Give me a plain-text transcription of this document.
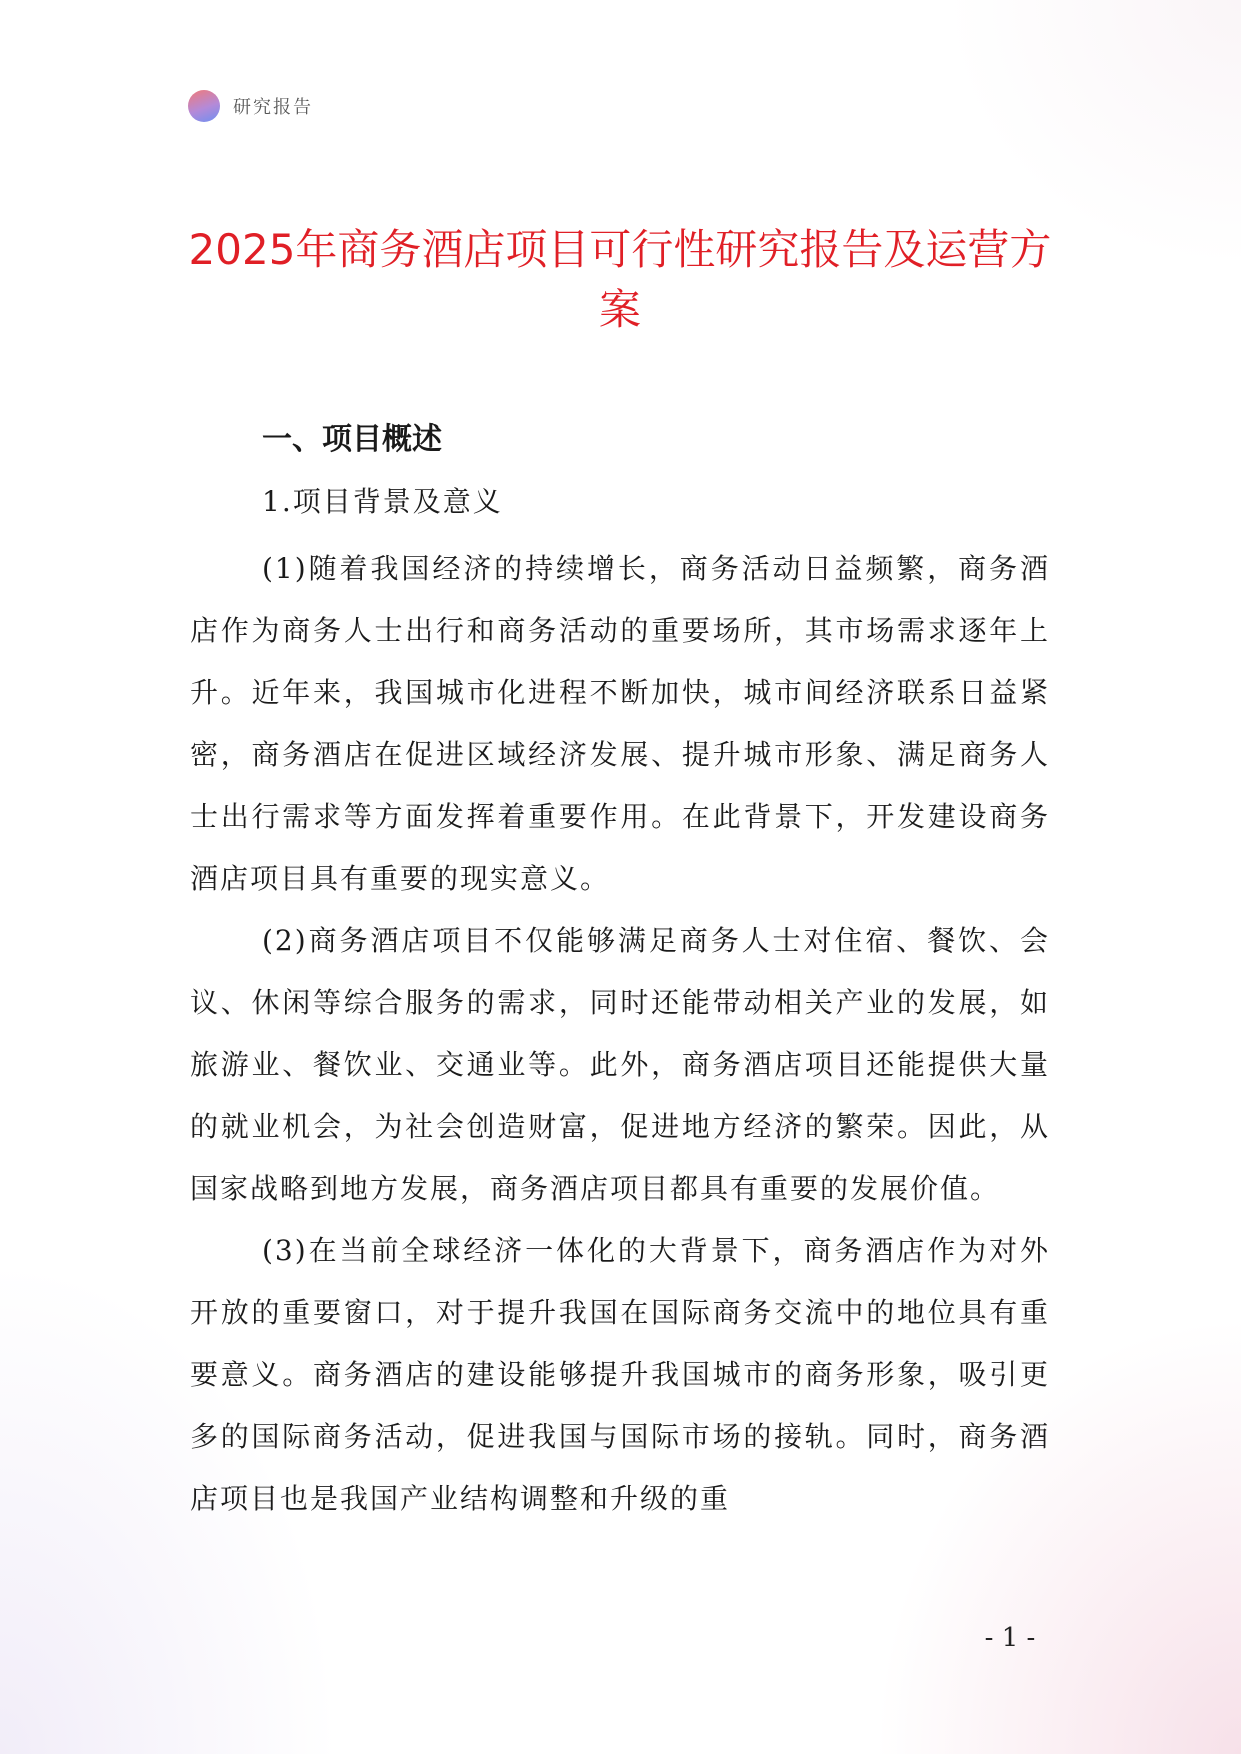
研究报告
2025年商务酒店项目可行性研究报告及运营方案
一、项目概述
1.项目背景及意义

(1)随着我国经济的持续增长，商务活动日益频繁，商务酒店作为商务人士出行和商务活动的重要场所，其市场需求逐年上升。近年来，我国城市化进程不断加快，城市间经济联系日益紧密，商务酒店在促进区域经济发展、提升城市形象、满足商务人士出行需求等方面发挥着重要作用。在此背景下，开发建设商务酒店项目具有重要的现实意义。

(2)商务酒店项目不仅能够满足商务人士对住宿、餐饮、会议、休闲等综合服务的需求，同时还能带动相关产业的发展，如旅游业、餐饮业、交通业等。此外，商务酒店项目还能提供大量的就业机会，为社会创造财富，促进地方经济的繁荣。因此，从国家战略到地方发展，商务酒店项目都具有重要的发展价值。

(3)在当前全球经济一体化的大背景下，商务酒店作为对外开放的重要窗口，对于提升我国在国际商务交流中的地位具有重要意义。商务酒店的建设能够提升我国城市的商务形象，吸引更多的国际商务活动，促进我国与国际市场的接轨。同时，商务酒店项目也是我国产业结构调整和升级的重

- 1 -
